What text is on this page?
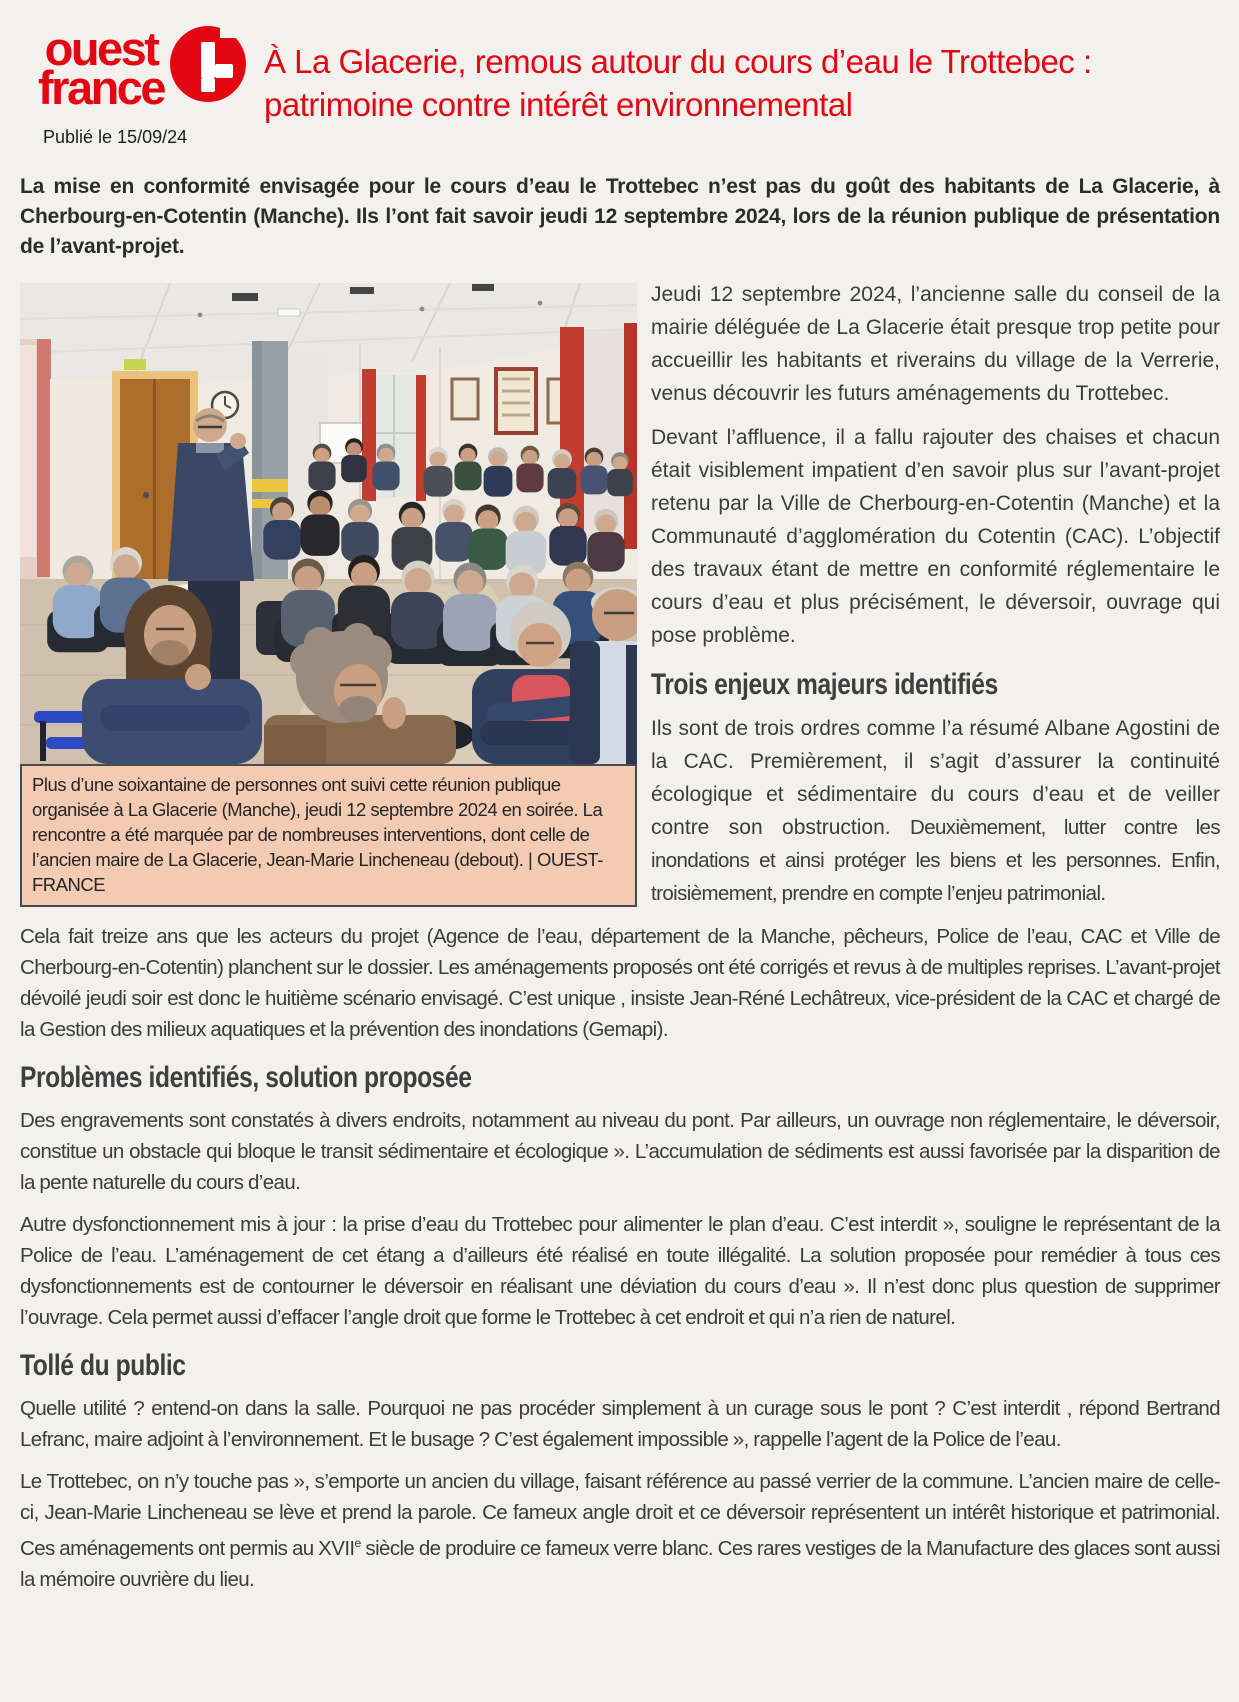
ouest
france	À La Glacerie, remous autour du cours d’eau le Trottebec : patrimoine contre intérêt environnemental
Publié le 15/09/24

La mise en conformité envisagée pour le cours d’eau le Trottebec n’est pas du goût des habitants de La Glacerie, à Cherbourg-en-Cotentin (Manche). Ils l’ont fait savoir jeudi 12 septembre 2024, lors de la réunion publique de présentation de l’avant-projet.

Plus d’une soixantaine de personnes ont suivi cette réunion publique organisée à La Glacerie (Manche), jeudi 12 septembre 2024 en soirée. La rencontre a été marquée par de nombreuses interventions, dont celle de l’ancien maire de La Glacerie, Jean-Marie Lincheneau (debout). | OUEST-FRANCE

Jeudi 12 septembre 2024, l’ancienne salle du conseil de la mairie déléguée de La Glacerie était presque trop petite pour accueillir les habitants et riverains du village de la Verrerie, venus découvrir les futurs aménagements du Trottebec.

Devant l’affluence, il a fallu rajouter des chaises et chacun était visiblement impatient d’en savoir plus sur l’avant-projet retenu par la Ville de Cherbourg-en-Cotentin (Manche) et la Communauté d’agglomération du Cotentin (CAC). L’objectif des travaux étant de mettre en conformité réglementaire le cours d’eau et plus précisément, le déversoir, ouvrage qui pose problème.

Trois enjeux majeurs identifiés

Ils sont de trois ordres comme l’a résumé Albane Agostini de la CAC. Premièrement, il s’agit d’assurer la continuité écologique et sédimentaire du cours d’eau et de veiller contre son obstruction. Deuxièmement, lutter contre les inondations et ainsi protéger les biens et les personnes. Enfin, troisièmement, prendre en compte l’enjeu patrimonial.

Cela fait treize ans que les acteurs du projet (Agence de l’eau, département de la Manche, pêcheurs, Police de l’eau, CAC et Ville de Cherbourg-en-Cotentin) planchent sur le dossier. Les aménagements proposés ont été corrigés et revus à de multiples reprises. L’avant-projet dévoilé jeudi soir est donc le huitième scénario envisagé. C’est unique , insiste Jean-Réné Lechâtreux, vice-président de la CAC et chargé de la Gestion des milieux aquatiques et la prévention des inondations (Gemapi).

Problèmes identifiés, solution proposée

Des engravements sont constatés à divers endroits, notamment au niveau du pont. Par ailleurs, un ouvrage non réglementaire, le déversoir, constitue un obstacle qui bloque le transit sédimentaire et écologique ». L’accumulation de sédiments est aussi favorisée par la disparition de la pente naturelle du cours d’eau.

Autre dysfonctionnement mis à jour : la prise d’eau du Trottebec pour alimenter le plan d’eau. C’est interdit », souligne le représentant de la Police de l’eau. L’aménagement de cet étang a d’ailleurs été réalisé en toute illégalité. La solution proposée pour remédier à tous ces dysfonctionnements est de contourner le déversoir en réalisant une déviation du cours d’eau ». Il n’est donc plus question de supprimer l’ouvrage. Cela permet aussi d’effacer l’angle droit que forme le Trottebec à cet endroit et qui n’a rien de naturel.

Tollé du public

Quelle utilité ? entend-on dans la salle. Pourquoi ne pas procéder simplement à un curage sous le pont ? C’est interdit , répond Bertrand Lefranc, maire adjoint à l’environnement. Et le busage ? C’est également impossible », rappelle l’agent de la Police de l’eau.

Le Trottebec, on n’y touche pas », s’emporte un ancien du village, faisant référence au passé verrier de la commune. L’ancien maire de celle-ci, Jean-Marie Lincheneau se lève et prend la parole. Ce fameux angle droit et ce déversoir représentent un intérêt historique et patrimonial. Ces aménagements ont permis au XVIIe siècle de produire ce fameux verre blanc. Ces rares vestiges de la Manufacture des glaces sont aussi la mémoire ouvrière du lieu.
